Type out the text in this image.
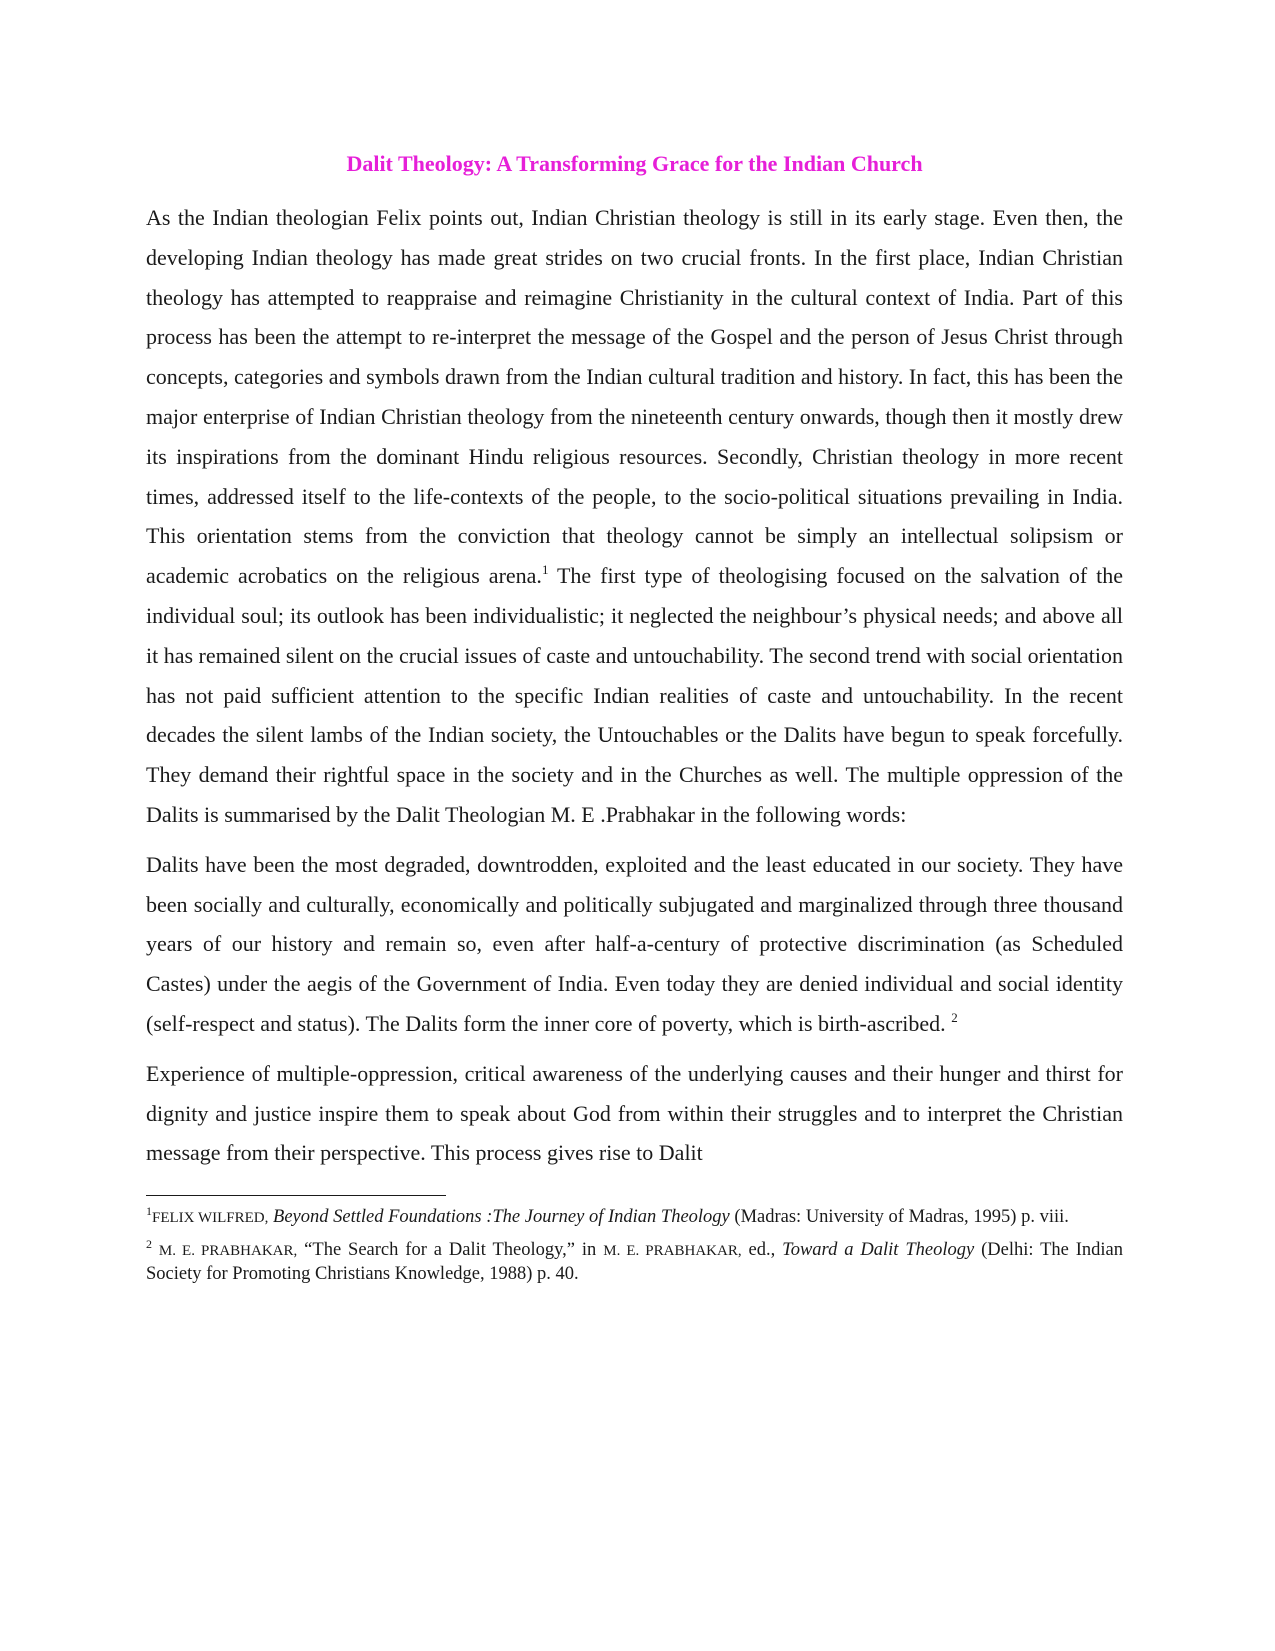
Dalit Theology: A Transforming Grace for the Indian Church

As the Indian theologian Felix points out, Indian Christian theology is still in its early stage. Even then, the developing Indian theology has made great strides on two crucial fronts. In the first place, Indian Christian theology has attempted to reappraise and reimagine Christianity in the cultural context of India. Part of this process has been the attempt to re-interpret the message of the Gospel and the person of Jesus Christ through concepts, categories and symbols drawn from the Indian cultural tradition and history. In fact, this has been the major enterprise of Indian Christian theology from the nineteenth century onwards, though then it mostly drew its inspirations from the dominant Hindu religious resources. Secondly, Christian theology in more recent times, addressed itself to the life-contexts of the people, to the socio-political situations prevailing in India. This orientation stems from the conviction that theology cannot be simply an intellectual solipsism or academic acrobatics on the religious arena.$^1$ The first type of theologising focused on the salvation of the individual soul; its outlook has been individualistic; it neglected the neighbour’s physical needs; and above all it has remained silent on the crucial issues of caste and untouchability. The second trend with social orientation has not paid sufficient attention to the specific Indian realities of caste and untouchability. In the recent decades the silent lambs of the Indian society, the Untouchables or the Dalits have begun to speak forcefully. They demand their rightful space in the society and in the Churches as well. The multiple oppression of the Dalits is summarised by the Dalit Theologian M. E .Prabhakar in the following words:

Dalits have been the most degraded, downtrodden, exploited and the least educated in our society. They have been socially and culturally, economically and politically subjugated and marginalized through three thousand years of our history and remain so, even after half-a-century of protective discrimination (as Scheduled Castes) under the aegis of the Government of India. Even today they are denied individual and social identity (self-respect and status). The Dalits form the inner core of poverty, which is birth-ascribed. $^2$

Experience of multiple-oppression, critical awareness of the underlying causes and their hunger and thirst for dignity and justice inspire them to speak about God from within their struggles and to interpret the Christian message from their perspective. This process gives rise to Dalit

$^1$FELIX WILFRED, Beyond Settled Foundations :The Journey of Indian Theology (Madras: University of Madras, 1995) p. viii.

$^2$ M. E. PRABHAKAR, “The Search for a Dalit Theology,” in M. E. PRABHAKAR, ed., Toward a Dalit Theology (Delhi: The Indian Society for Promoting Christians Knowledge, 1988) p. 40.
